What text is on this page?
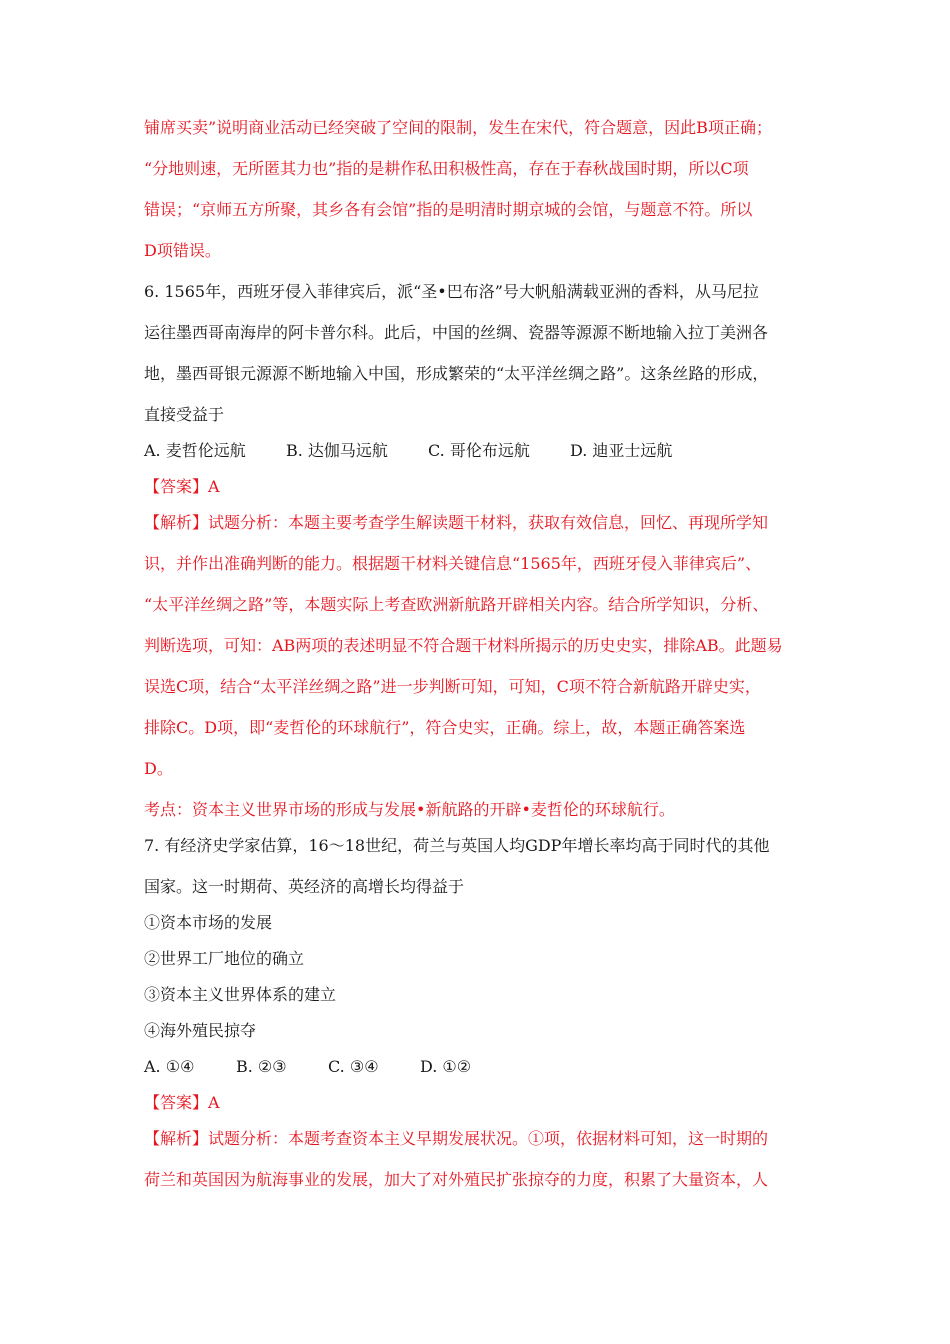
铺席买卖”说明商业活动已经突破了空间的限制，发生在宋代，符合题意，因此B项正确；
“分地则速，无所匿其力也”指的是耕作私田积极性高，存在于春秋战国时期，所以C项
错误；“京师五方所聚，其乡各有会馆”指的是明清时期京城的会馆，与题意不符。所以
D项错误。
6. 1565年，西班牙侵入菲律宾后，派“圣•巴布洛”号大帆船满载亚洲的香料，从马尼拉
运往墨西哥南海岸的阿卡普尔科。此后，中国的丝绸、瓷器等源源不断地输入拉丁美洲各
地，墨西哥银元源源不断地输入中国，形成繁荣的“太平洋丝绸之路”。这条丝路的形成，
直接受益于
A. 麦哲伦远航	B. 达伽马远航	C. 哥伦布远航	D. 迪亚士远航
【答案】A
【解析】试题分析：本题主要考查学生解读题干材料，获取有效信息，回忆、再现所学知
识，并作出准确判断的能力。根据题干材料关键信息“1565年，西班牙侵入菲律宾后”、
“太平洋丝绸之路”等，本题实际上考查欧洲新航路开辟相关内容。结合所学知识，分析、
判断选项，可知：AB两项的表述明显不符合题干材料所揭示的历史史实，排除AB。此题易
误选C项，结合“太平洋丝绸之路”进一步判断可知，可知，C项不符合新航路开辟史实，
排除C。D项，即“麦哲伦的环球航行”，符合史实，正确。综上，故，本题正确答案选
D。
考点：资本主义世界市场的形成与发展•新航路的开辟•麦哲伦的环球航行。
7. 有经济史学家估算，16～18世纪，荷兰与英国人均GDP年增长率均高于同时代的其他
国家。这一时期荷、英经济的高增长均得益于
①资本市场的发展
②世界工厂地位的确立
③资本主义世界体系的建立
④海外殖民掠夺
A. ①④	B. ②③	C. ③④	D. ①②
【答案】A
【解析】试题分析：本题考查资本主义早期发展状况。①项，依据材料可知，这一时期的
荷兰和英国因为航海事业的发展，加大了对外殖民扩张掠夺的力度，积累了大量资本，人
